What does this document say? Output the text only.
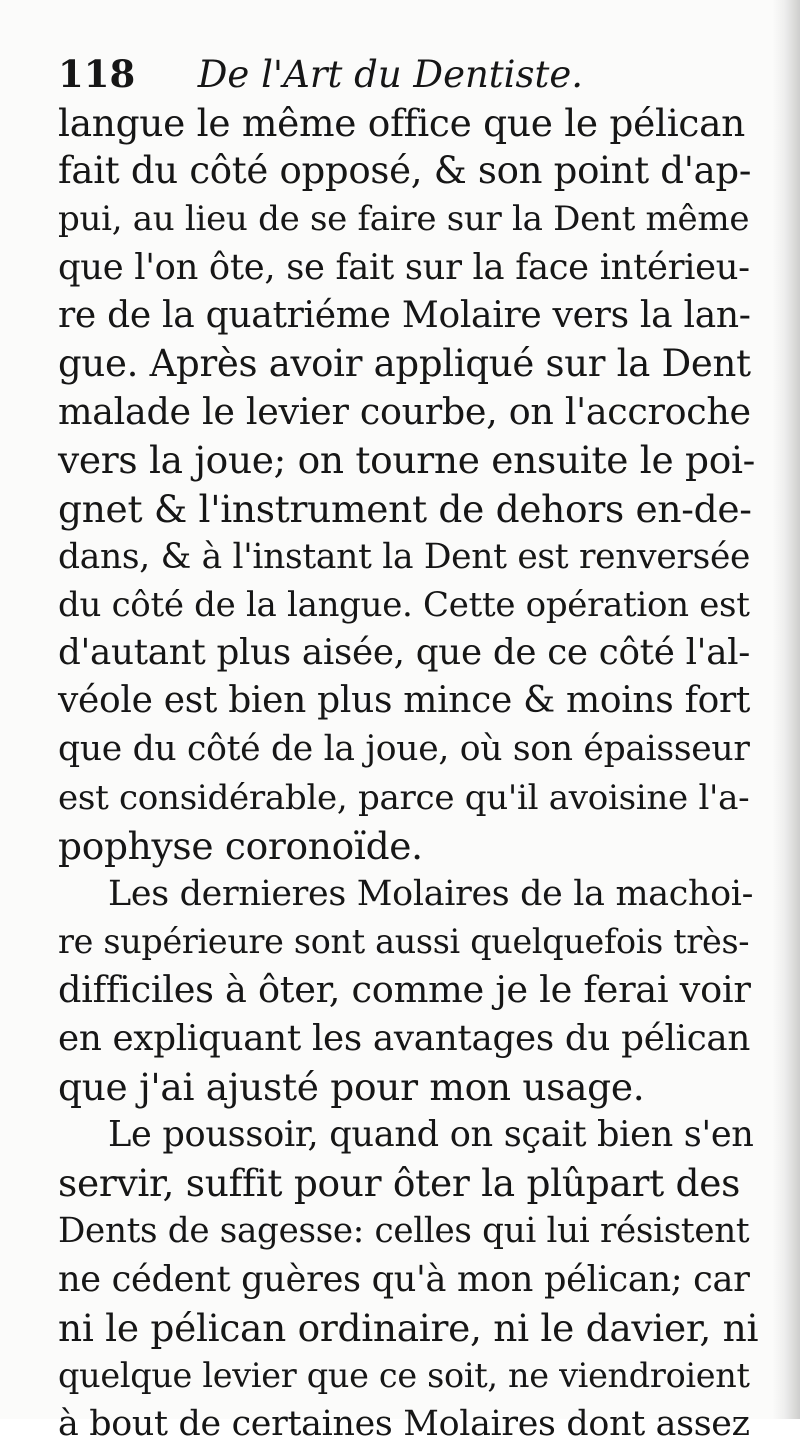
118 De l'Art du Dentiste.
langue le même office que le pélican
fait du côté opposé, & son point d'ap-
pui, au lieu de se faire sur la Dent même
que l'on ôte, se fait sur la face intérieu-
re de la quatriéme Molaire vers la lan-
gue. Après avoir appliqué sur la Dent
malade le levier courbe, on l'accroche
vers la joue; on tourne ensuite le poi-
gnet & l'instrument de dehors en-de-
dans, & à l'instant la Dent est renversée
du côté de la langue. Cette opération est
d'autant plus aisée, que de ce côté l'al-
véole est bien plus mince & moins fort
que du côté de la joue, où son épaisseur
est considérable, parce qu'il avoisine l'a-
pophyse coronoïde.
Les dernieres Molaires de la machoi-
re supérieure sont aussi quelquefois très-
difficiles à ôter, comme je le ferai voir
en expliquant les avantages du pélican
que j'ai ajusté pour mon usage.
Le poussoir, quand on sçait bien s'en
servir, suffit pour ôter la plûpart des
Dents de sagesse: celles qui lui résistent
ne cédent guères qu'à mon pélican; car
ni le pélican ordinaire, ni le davier, ni
quelque levier que ce soit, ne viendroient
à bout de certaines Molaires dont assez
